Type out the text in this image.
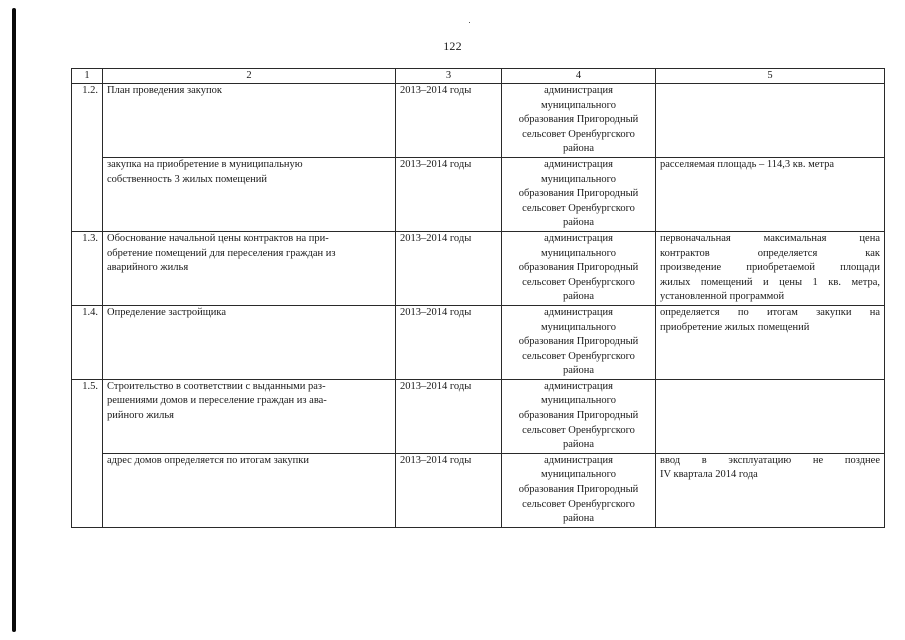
122
1	2	3	4	5
1.2.	План проведения закупок	2013–2014 годы	администрация
муниципального
образования Пригородный
сельсовет Оренбургского
района	

	закупка на приобретение в муниципальную
собственность 3 жилых помещений	2013–2014 годы	администрация
муниципального
образования Пригородный
сельсовет Оренбургского
района	расселяемая площадь – 114,3 кв. метра

1.3.	Обоснование начальной цены контрактов на при-
обретение помещений для переселения граждан из
аварийного жилья	2013–2014 годы	администрация
муниципального
образования Пригородный
сельсовет Оренбургского
района	первоначальная максимальная цена
контрактов определяется как
произведение приобретаемой площади
жилых помещений и цены 1 кв. метра,
установленной программой

1.4.	Определение застройщика	2013–2014 годы	администрация
муниципального
образования Пригородный
сельсовет Оренбургского
района	определяется по итогам закупки на
приобретение жилых помещений

1.5.	Строительство в соответствии с выданными раз-
решениями домов и переселение граждан из ава-
рийного жилья	2013–2014 годы	администрация
муниципального
образования Пригородный
сельсовет Оренбургского
района	

	адрес домов определяется по итогам закупки	2013–2014 годы	администрация
муниципального
образования Пригородный
сельсовет Оренбургского
района	ввод в эксплуатацию не позднее
IV квартала 2014 года
